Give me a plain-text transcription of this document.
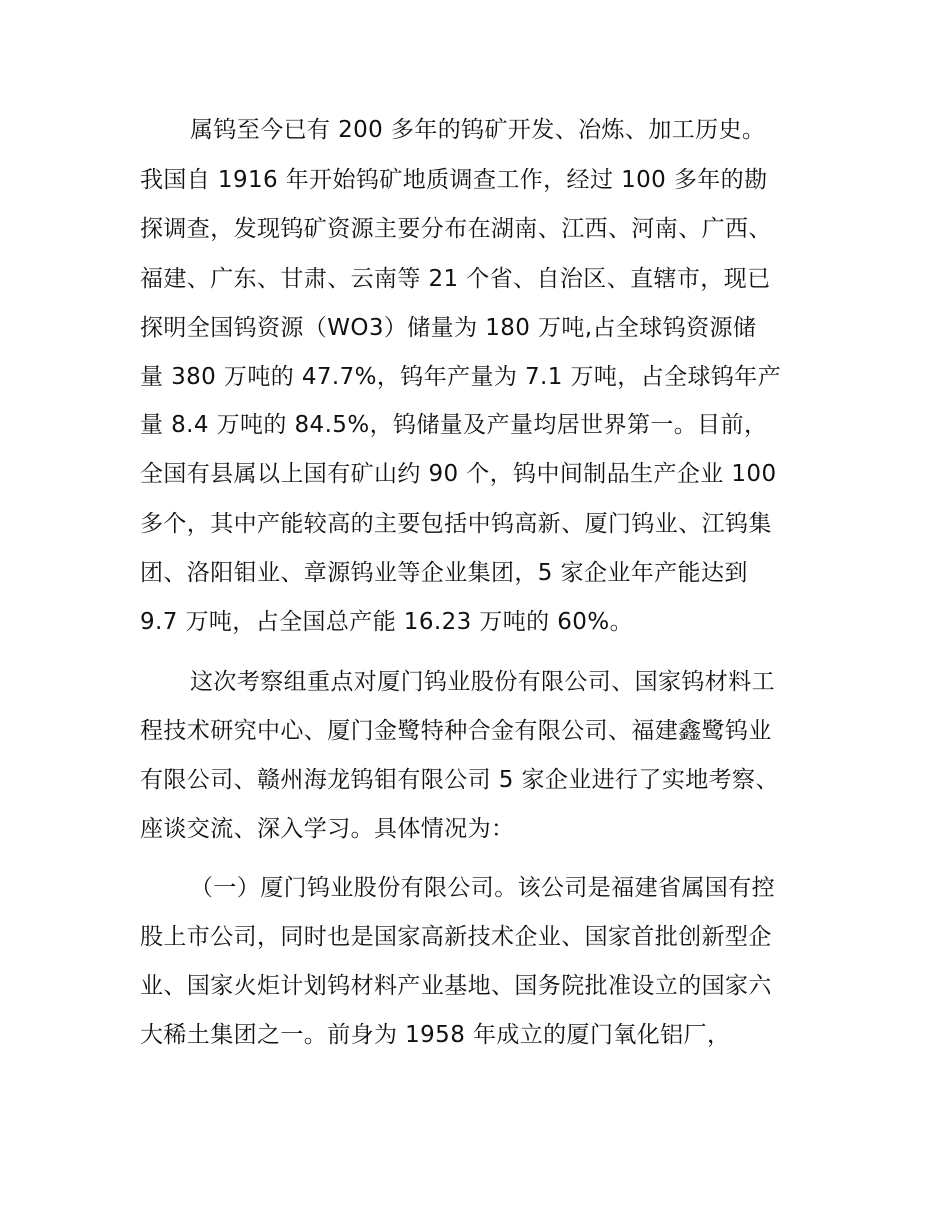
属钨至今已有 200 多年的钨矿开发、冶炼、加工历史。
我国自 1916 年开始钨矿地质调查工作，经过 100 多年的勘
探调查，发现钨矿资源主要分布在湖南、江西、河南、广西、
福建、广东、甘肃、云南等 21 个省、自治区、直辖市，现已
探明全国钨资源（WO3）储量为 180 万吨,占全球钨资源储
量 380 万吨的 47.7%，钨年产量为 7.1 万吨，占全球钨年产
量 8.4 万吨的 84.5%，钨储量及产量均居世界第一。目前，
全国有县属以上国有矿山约 90 个，钨中间制品生产企业 100
多个，其中产能较高的主要包括中钨高新、厦门钨业、江钨集
团、洛阳钼业、章源钨业等企业集团，5 家企业年产能达到
9.7 万吨，占全国总产能 16.23 万吨的 60%。
这次考察组重点对厦门钨业股份有限公司、国家钨材料工
程技术研究中心、厦门金鹭特种合金有限公司、福建鑫鹭钨业
有限公司、赣州海龙钨钼有限公司 5 家企业进行了实地考察、
座谈交流、深入学习。具体情况为：
（一）厦门钨业股份有限公司。该公司是福建省属国有控
股上市公司，同时也是国家高新技术企业、国家首批创新型企
业、国家火炬计划钨材料产业基地、国务院批准设立的国家六
大稀土集团之一。前身为 1958 年成立的厦门氧化铝厂，
